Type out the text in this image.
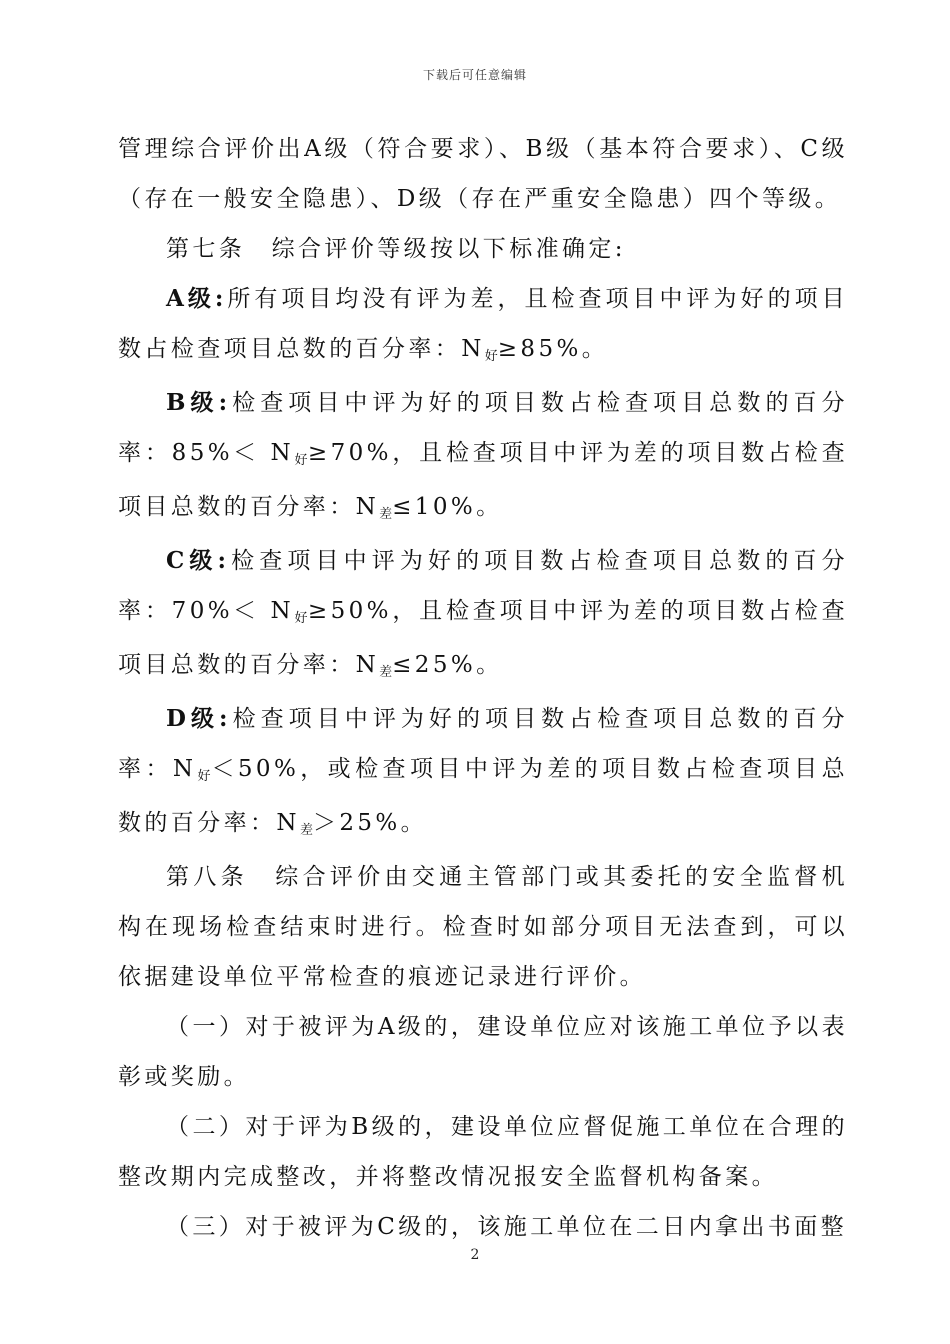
下载后可任意编辑

管理综合评价出A级（符合要求）、B级（基本符合要求）、C级（存在一般安全隐患）、D级（存在严重安全隐患）四个等级。

第七条　综合评价等级按以下标准确定:

A级:所有项目均没有评为差，且检查项目中评为好的项目数占检查项目总数的百分率：N好≥85%。

B级:检查项目中评为好的项目数占检查项目总数的百分率：85%＜ N好≥70%，且检查项目中评为差的项目数占检查项目总数的百分率：N差≤10%。

C级:检查项目中评为好的项目数占检查项目总数的百分率：70%＜ N好≥50%，且检查项目中评为差的项目数占检查项目总数的百分率：N差≤25%。

D级:检查项目中评为好的项目数占检查项目总数的百分率：N好＜50%，或检查项目中评为差的项目数占检查项目总数的百分率：N差＞25%。

第八条　综合评价由交通主管部门或其委托的安全监督机构在现场检查结束时进行。检查时如部分项目无法查到，可以依据建设单位平常检查的痕迹记录进行评价。

（一）对于被评为A级的，建设单位应对该施工单位予以表彰或奖励。

（二）对于评为B级的，建设单位应督促施工单位在合理的整改期内完成整改，并将整改情况报安全监督机构备案。

（三）对于被评为C级的，该施工单位在二日内拿出书面整

2
